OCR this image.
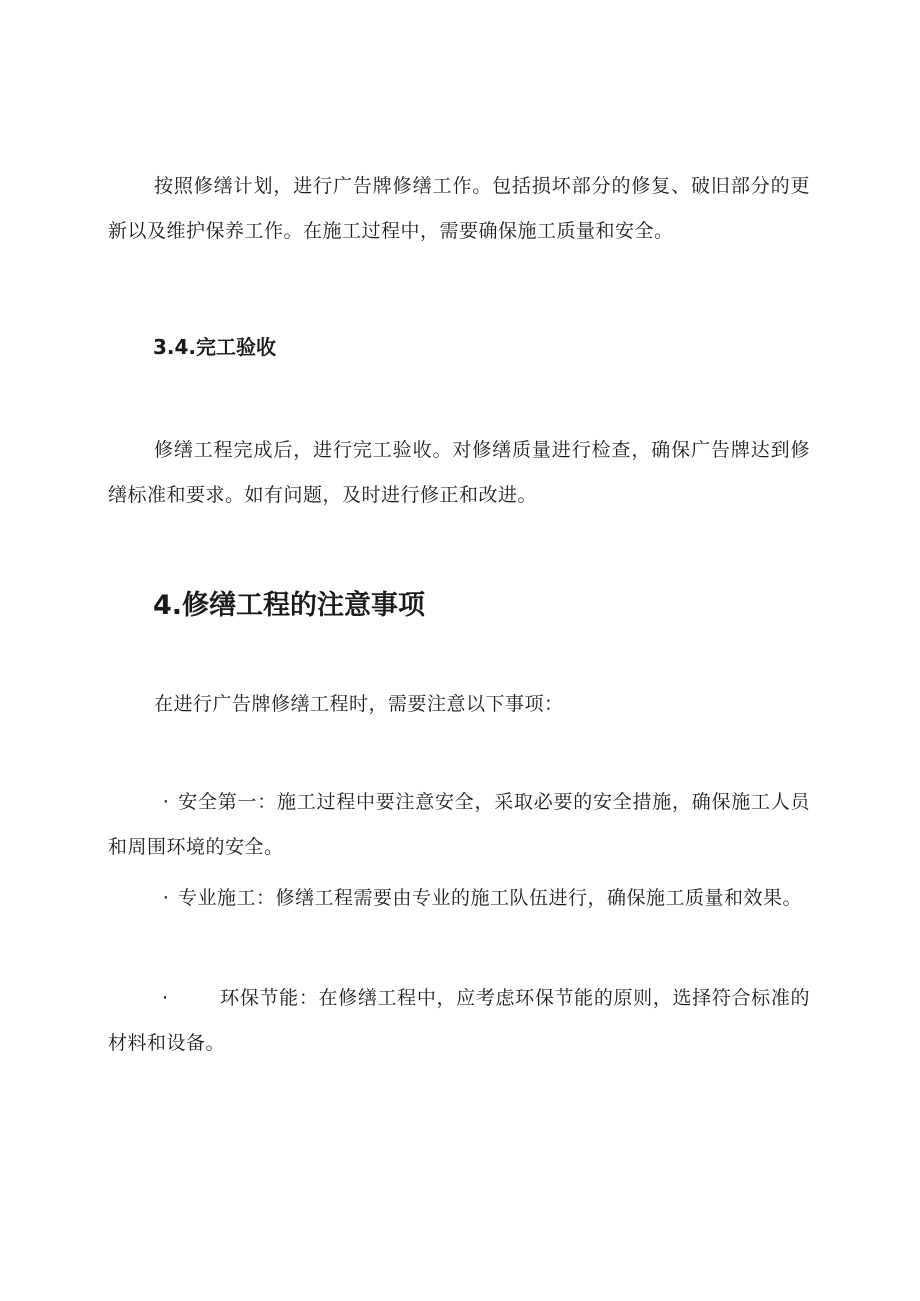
按照修缮计划，进行广告牌修缮工作。包括损坏部分的修复、破旧部分的更新以及维护保养工作。在施工过程中，需要确保施工质量和安全。

3.4.完工验收

修缮工程完成后，进行完工验收。对修缮质量进行检查，确保广告牌达到修缮标准和要求。如有问题，及时进行修正和改进。

4.修缮工程的注意事项

在进行广告牌修缮工程时，需要注意以下事项：

· 安全第一：施工过程中要注意安全，采取必要的安全措施，确保施工人员和周围环境的安全。

· 专业施工：修缮工程需要由专业的施工队伍进行，确保施工质量和效果。

·	环保节能：在修缮工程中，应考虑环保节能的原则，选择符合标准的材料和设备。
